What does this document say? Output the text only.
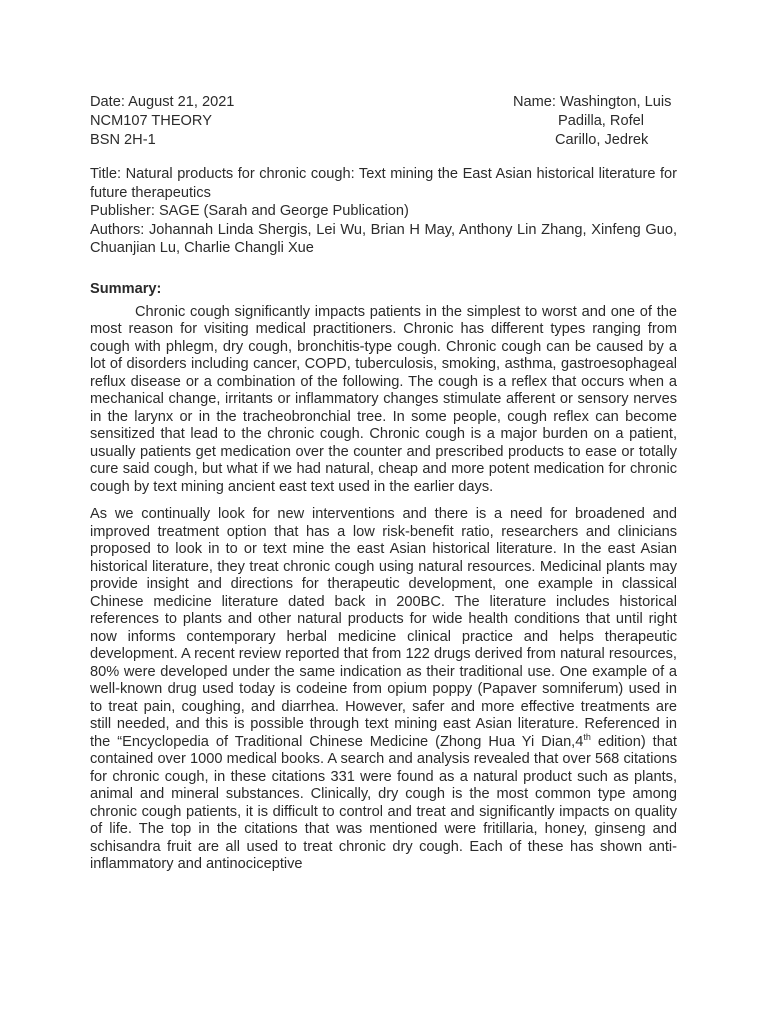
Date: August 21, 2021	Name: Washington, Luis
NCM107 THEORY	Padilla, Rofel
BSN 2H-1	Carillo, Jedrek

Title: Natural products for chronic cough: Text mining the East Asian historical literature for future therapeutics

Publisher: SAGE (Sarah and George Publication)

Authors: Johannah Linda Shergis, Lei Wu, Brian H May, Anthony Lin Zhang, Xinfeng Guo, Chuanjian Lu, Charlie Changli Xue

Summary:

Chronic cough significantly impacts patients in the simplest to worst and one of the most reason for visiting medical practitioners. Chronic has different types ranging from cough with phlegm, dry cough, bronchitis-type cough. Chronic cough can be caused by a lot of disorders including cancer, COPD, tuberculosis, smoking, asthma, gastroesophageal reflux disease or a combination of the following. The cough is a reflex that occurs when a mechanical change, irritants or inflammatory changes stimulate afferent or sensory nerves in the larynx or in the tracheobronchial tree. In some people, cough reflex can become sensitized that lead to the chronic cough. Chronic cough is a major burden on a patient, usually patients get medication over the counter and prescribed products to ease or totally cure said cough, but what if we had natural, cheap and more potent medication for chronic cough by text mining ancient east text used in the earlier days.

As we continually look for new interventions and there is a need for broadened and improved treatment option that has a low risk-benefit ratio, researchers and clinicians proposed to look in to or text mine the east Asian historical literature. In the east Asian historical literature, they treat chronic cough using natural resources. Medicinal plants may provide insight and directions for therapeutic development, one example in classical Chinese medicine literature dated back in 200BC. The literature includes historical references to plants and other natural products for wide health conditions that until right now informs contemporary herbal medicine clinical practice and helps therapeutic development. A recent review reported that from 122 drugs derived from natural resources, 80% were developed under the same indication as their traditional use. One example of a well-known drug used today is codeine from opium poppy (Papaver somniferum) used in to treat pain, coughing, and diarrhea. However, safer and more effective treatments are still needed, and this is possible through text mining east Asian literature. Referenced in the “Encyclopedia of Traditional Chinese Medicine (Zhong Hua Yi Dian,4th edition) that contained over 1000 medical books. A search and analysis revealed that over 568 citations for chronic cough, in these citations 331 were found as a natural product such as plants, animal and mineral substances. Clinically, dry cough is the most common type among chronic cough patients, it is difficult to control and treat and significantly impacts on quality of life. The top in the citations that was mentioned were fritillaria, honey, ginseng and schisandra fruit are all used to treat chronic dry cough. Each of these has shown anti-inflammatory and antinociceptive
